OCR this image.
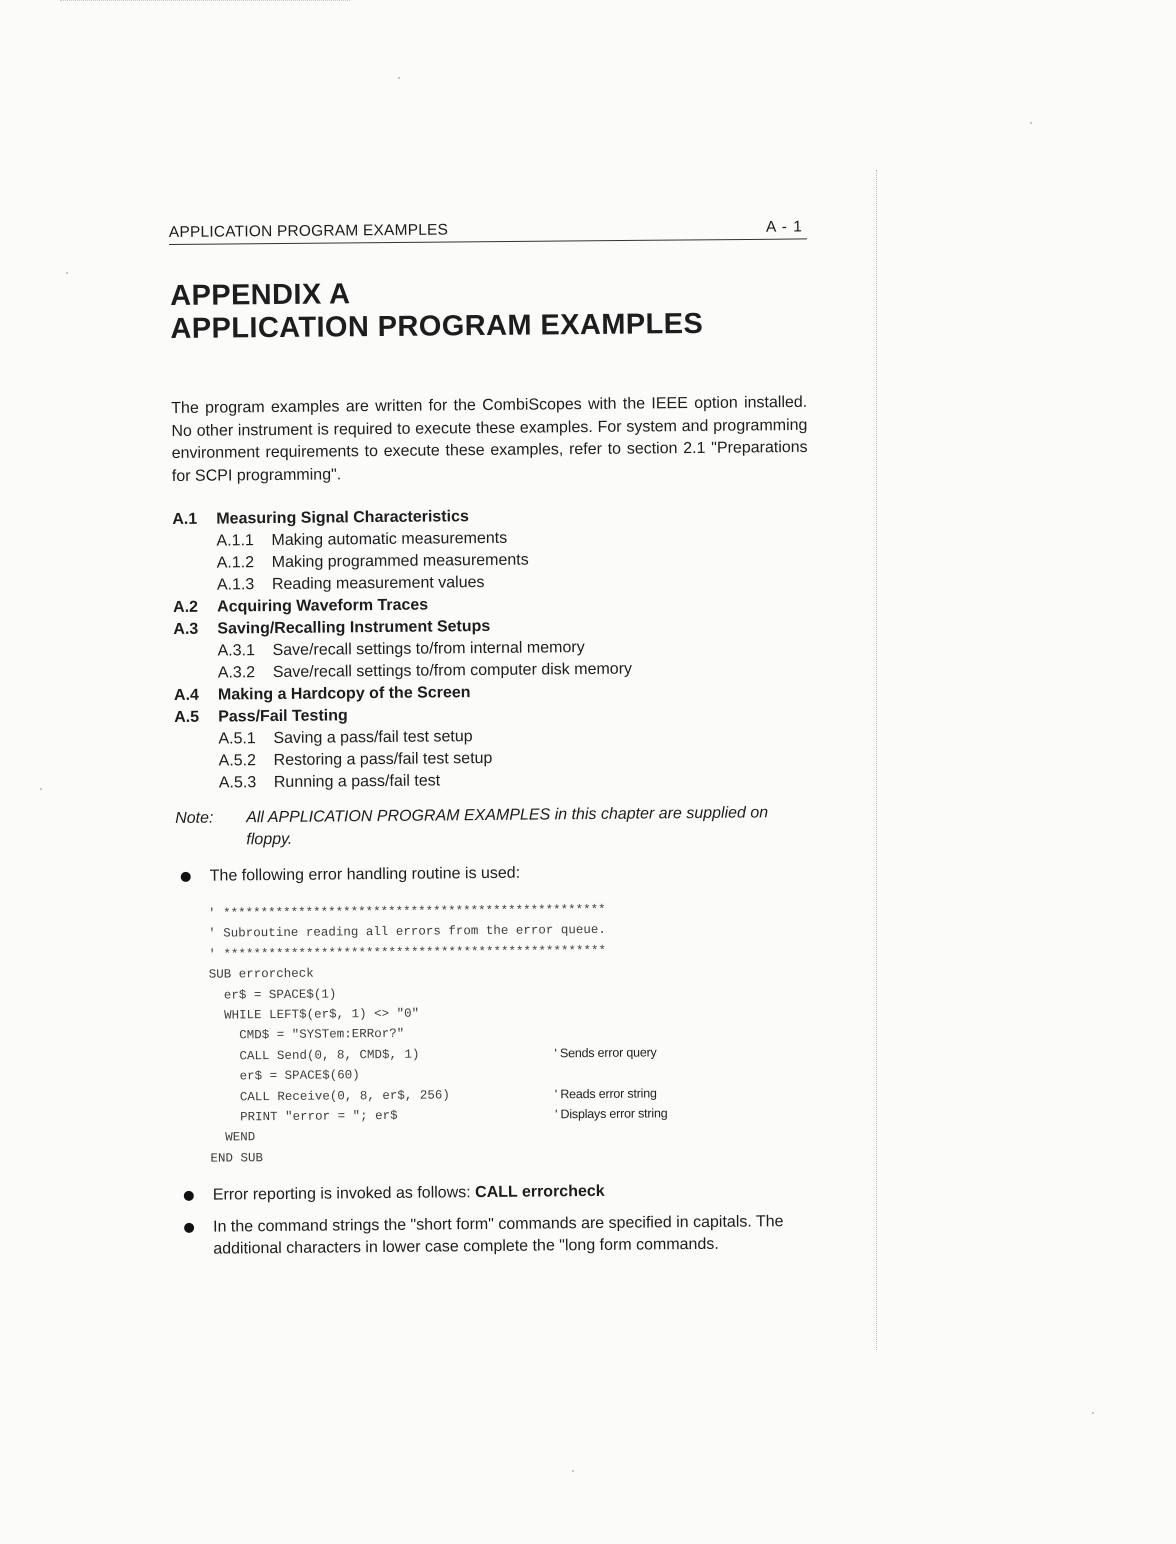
APPLICATION PROGRAM EXAMPLES	A - 1
APPENDIX A
APPLICATION PROGRAM EXAMPLES
The program examples are written for the CombiScopes with the IEEE option installed. No other instrument is required to execute these examples. For system and programming environment requirements to execute these examples, refer to section 2.1 "Preparations for SCPI programming".
A.1 Measuring Signal Characteristics
A.1.1 Making automatic measurements
A.1.2 Making programmed measurements
A.1.3 Reading measurement values
A.2 Acquiring Waveform Traces
A.3 Saving/Recalling Instrument Setups
A.3.1 Save/recall settings to/from internal memory
A.3.2 Save/recall settings to/from computer disk memory
A.4 Making a Hardcopy of the Screen
A.5 Pass/Fail Testing
A.5.1 Saving a pass/fail test setup
A.5.2 Restoring a pass/fail test setup
A.5.3 Running a pass/fail test
Note:	All APPLICATION PROGRAM EXAMPLES in this chapter are supplied on floppy.
The following error handling routine is used:
' ***************************************************
' Subroutine reading all errors from the error queue.
' ***************************************************
SUB errorcheck
er$ = SPACE$(1)
WHILE LEFT$(er$, 1) <> "0"
CMD$ = "SYSTem:ERRor?"
CALL Send(0, 8, CMD$, 1)	' Sends error query
er$ = SPACE$(60)
CALL Receive(0, 8, er$, 256)	' Reads error string
PRINT "error = "; er$	' Displays error string
WEND
END SUB
Error reporting is invoked as follows: CALL errorcheck
In the command strings the "short form" commands are specified in capitals. The additional characters in lower case complete the "long form commands.
